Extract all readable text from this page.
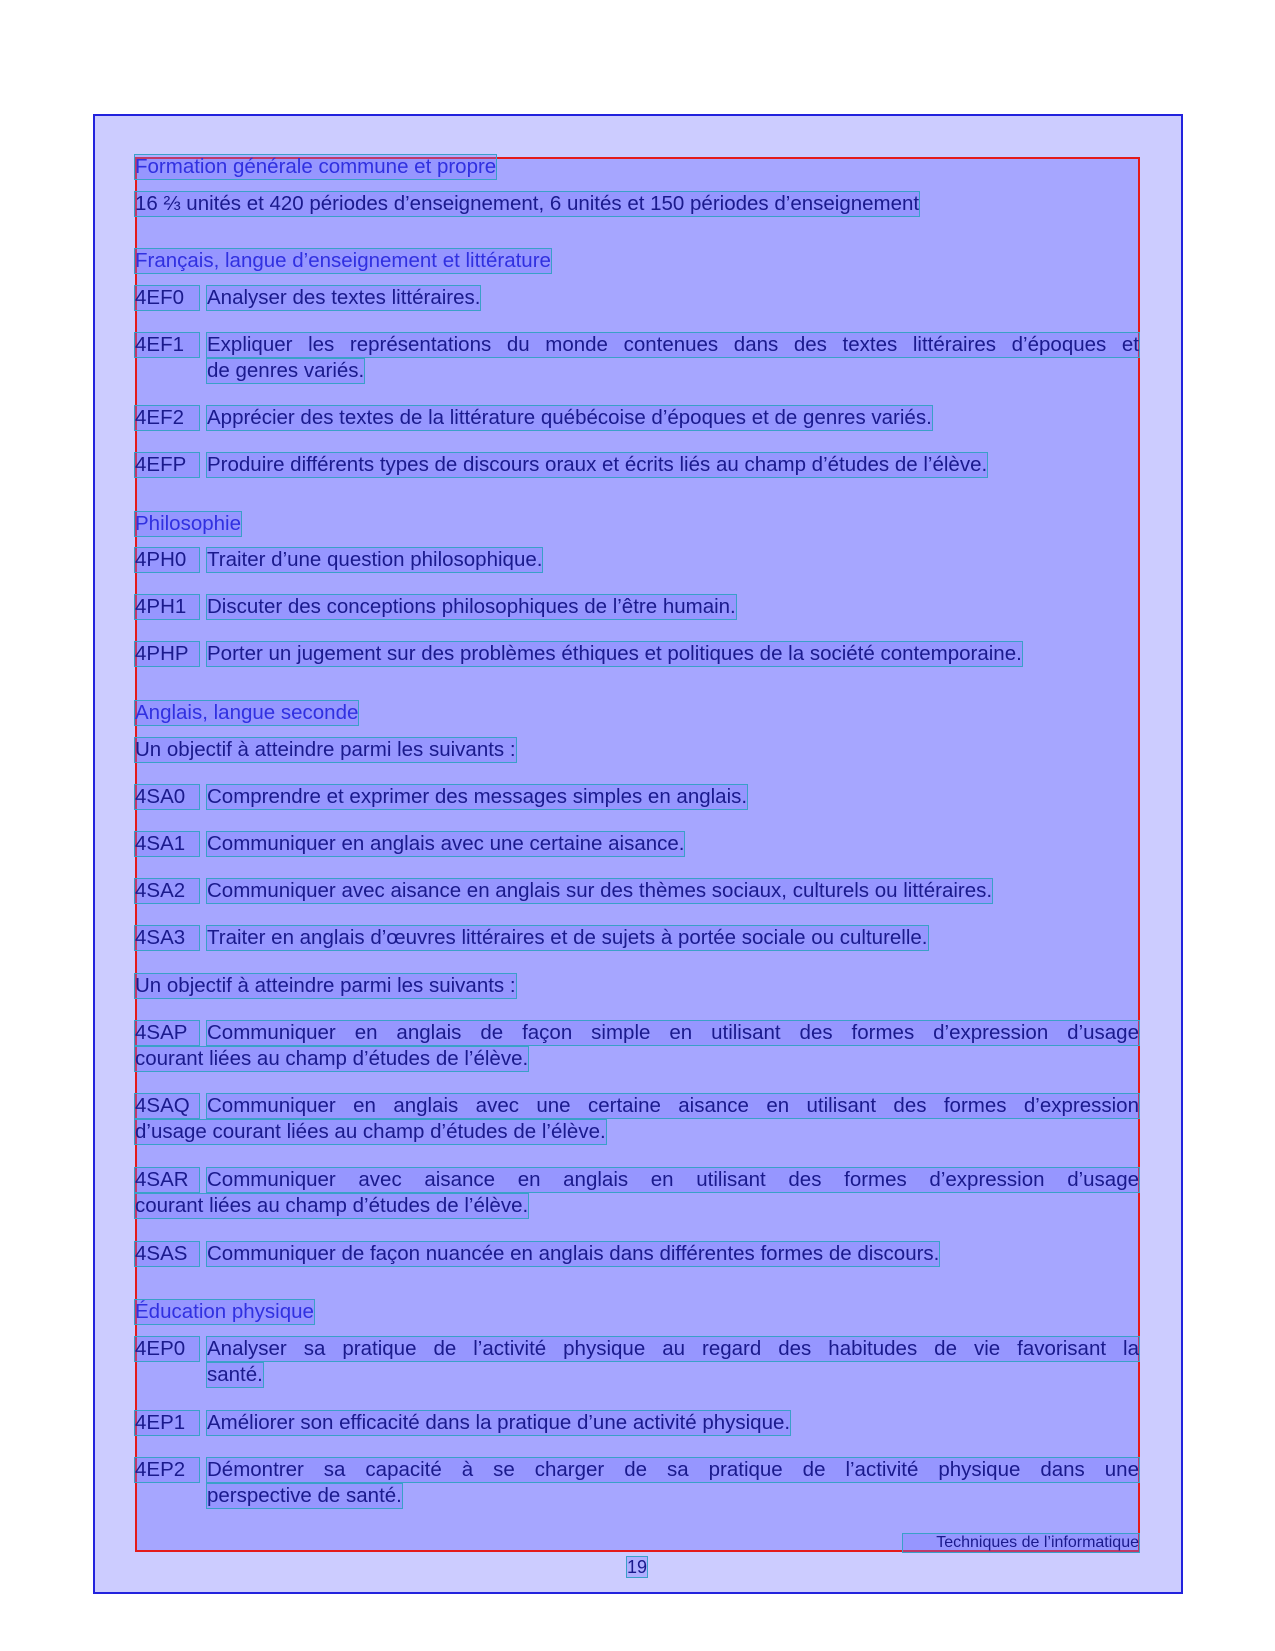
Formation générale commune et propre
16 ⅔ unités et 420 périodes d’enseignement, 6 unités et 150 périodes d’enseignement
Français, langue d’enseignement et littérature
4EF0	Analyser des textes littéraires.
4EF1	Expliquer les représentations du monde contenues dans des textes littéraires d’époques et
de genres variés.
4EF2	Apprécier des textes de la littérature québécoise d’époques et de genres variés.
4EFP	Produire différents types de discours oraux et écrits liés au champ d’études de l’élève.
Philosophie
4PH0	Traiter d’une question philosophique.
4PH1	Discuter des conceptions philosophiques de l’être humain.
4PHP Porter un jugement sur des problèmes éthiques et politiques de la société contemporaine.
Anglais, langue seconde
Un objectif à atteindre parmi les suivants :
4SA0	Comprendre et exprimer des messages simples en anglais.
4SA1	Communiquer en anglais avec une certaine aisance.
4SA2	Communiquer avec aisance en anglais sur des thèmes sociaux, culturels ou littéraires.
4SA3	Traiter en anglais d’œuvres littéraires et de sujets à portée sociale ou culturelle.
Un objectif à atteindre parmi les suivants :
4SAP Communiquer en anglais de façon simple en utilisant des formes d’expression d’usage
courant liées au champ d’études de l’élève.
4SAQ Communiquer en anglais avec une certaine aisance en utilisant des formes d’expression
d’usage courant liées au champ d’études de l’élève.
4SAR Communiquer avec aisance en anglais en utilisant des formes d’expression d’usage
courant liées au champ d’études de l’élève.
4SAS Communiquer de façon nuancée en anglais dans différentes formes de discours.
Éducation physique
4EP0	Analyser sa pratique de l’activité physique au regard des habitudes de vie favorisant la
santé.
4EP1	Améliorer son efficacité dans la pratique d’une activité physique.
4EP2	Démontrer sa capacité à se charger de sa pratique de l’activité physique dans une
perspective de santé.
Techniques de l’informatique
19
